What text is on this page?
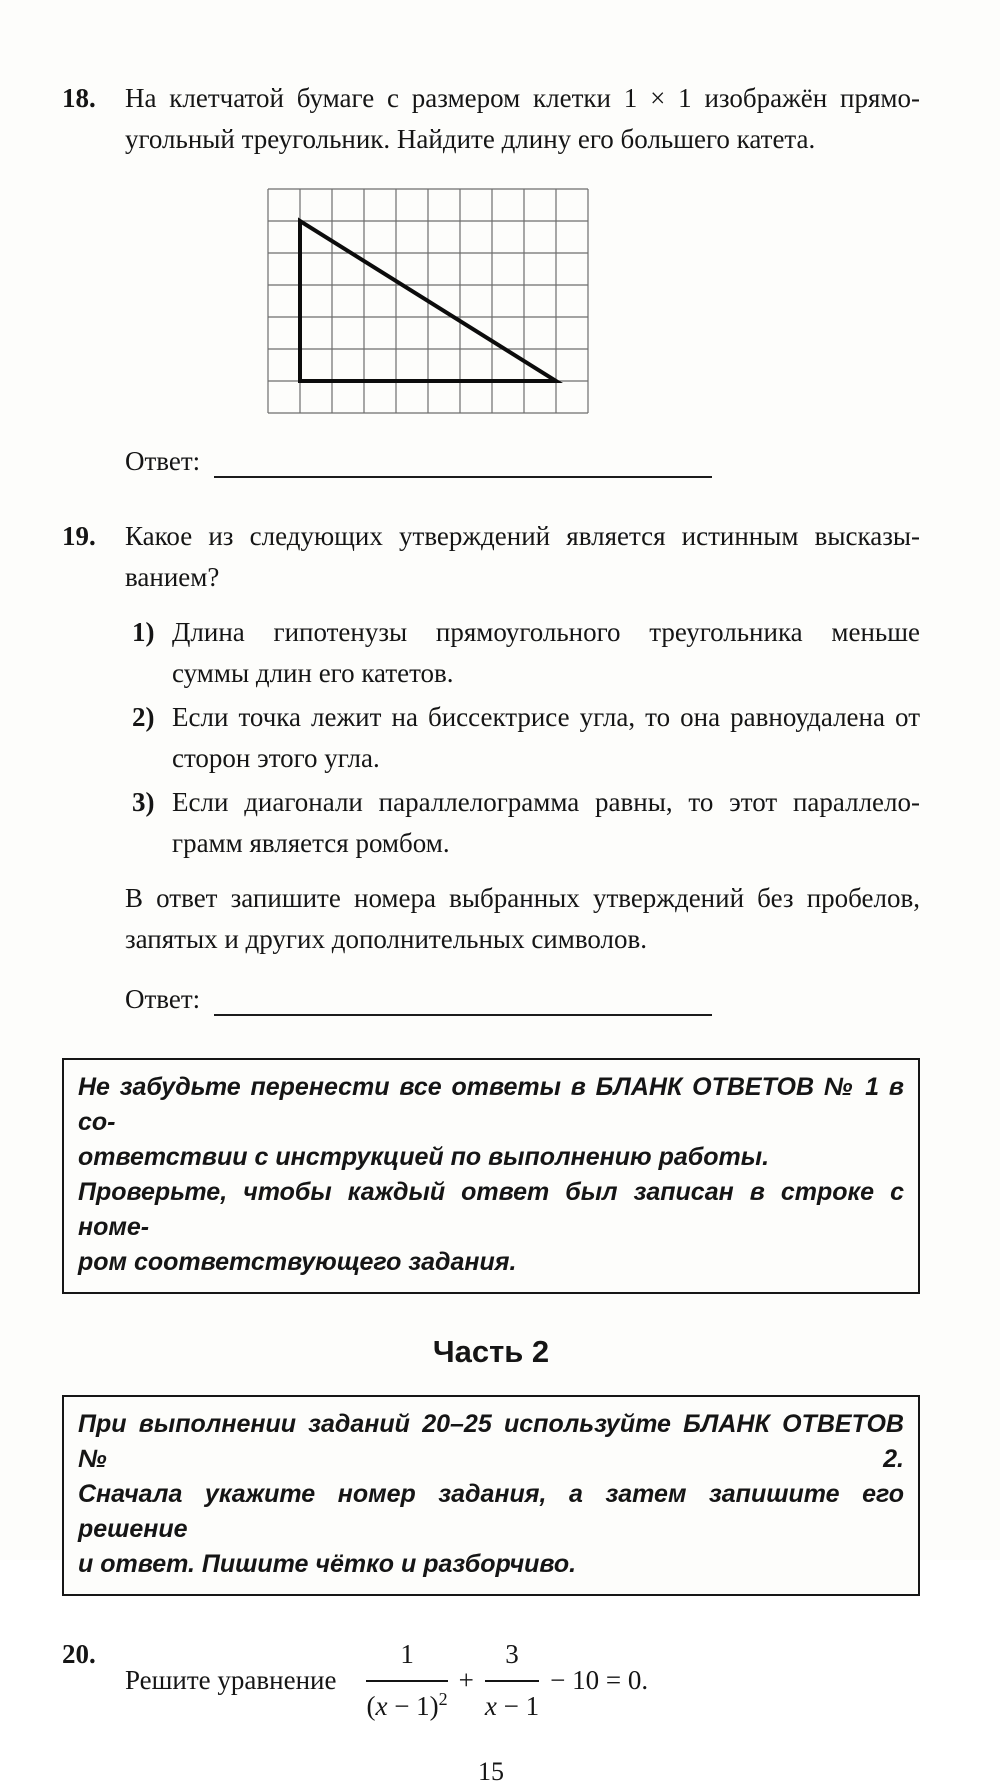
18.	На клетчатой бумаге с размером клетки 1 × 1 изображён прямо-
угольный треугольник. Найдите длину его большего катета.
Ответ:
19.	Какое из следующих утверждений является истинным высказы-
ванием?
1) Длина гипотенузы прямоугольного треугольника меньше
суммы длин его катетов.
2) Если точка лежит на биссектрисе угла, то она равноудалена от
сторон этого угла.
3) Если диагонали параллелограмма равны, то этот параллело-
грамм является ромбом.
В ответ запишите номера выбранных утверждений без пробелов,
запятых и других дополнительных символов.
Ответ:
Не забудьте перенести все ответы в БЛАНК ОТВЕТОВ № 1 в со-
ответствии с инструкцией по выполнению работы.
Проверьте, чтобы каждый ответ был записан в строке с номе-
ром соответствующего задания.
Часть 2
При выполнении заданий 20–25 используйте БЛАНК ОТВЕТОВ № 2.
Сначала укажите номер задания, а затем запишите его решение
и ответ. Пишите чётко и разборчиво.
20.
Решите уравнение $\frac{1}{(x - 1)^2} + \frac{3}{x - 1} - 10 = 0$.
15
